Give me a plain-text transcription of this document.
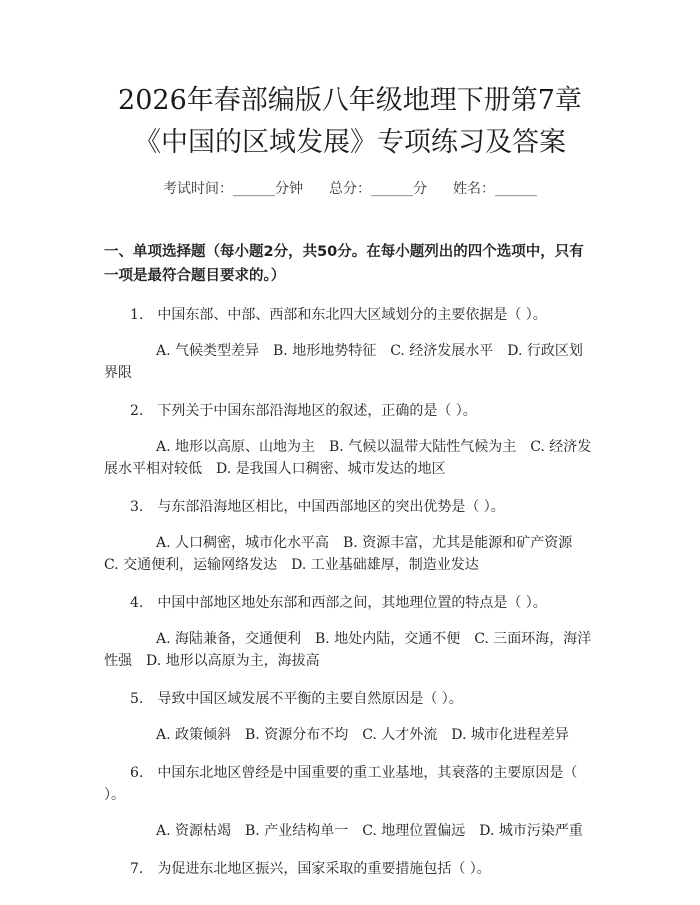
2026年春部编版八年级地理下册第7章《中国的区域发展》专项练习及答案
考试时间：______分钟 总分：______分 姓名：______
一、单项选择题（每小题2分，共50分。在每小题列出的四个选项中，只有一项是最符合题目要求的。）
1.　中国东部、中部、西部和东北四大区域划分的主要依据是（ ）。
A. 气候类型差异　B. 地形地势特征　C. 经济发展水平　D. 行政区划界限
2.　下列关于中国东部沿海地区的叙述，正确的是（ ）。
A. 地形以高原、山地为主　B. 气候以温带大陆性气候为主　C. 经济发展水平相对较低　D. 是我国人口稠密、城市发达的地区
3.　与东部沿海地区相比，中国西部地区的突出优势是（ ）。
A. 人口稠密，城市化水平高　B. 资源丰富，尤其是能源和矿产资源　C. 交通便利，运输网络发达　D. 工业基础雄厚，制造业发达
4.　中国中部地区地处东部和西部之间，其地理位置的特点是（ ）。
A. 海陆兼备，交通便利　B. 地处内陆，交通不便　C. 三面环海，海洋性强　D. 地形以高原为主，海拔高
5.　导致中国区域发展不平衡的主要自然原因是（ ）。
A. 政策倾斜　B. 资源分布不均　C. 人才外流　D. 城市化进程差异
6.　中国东北地区曾经是中国重要的重工业基地，其衰落的主要原因是（ ）。
A. 资源枯竭　B. 产业结构单一　C. 地理位置偏远　D. 城市污染严重
7.　为促进东北地区振兴，国家采取的重要措施包括（ ）。
